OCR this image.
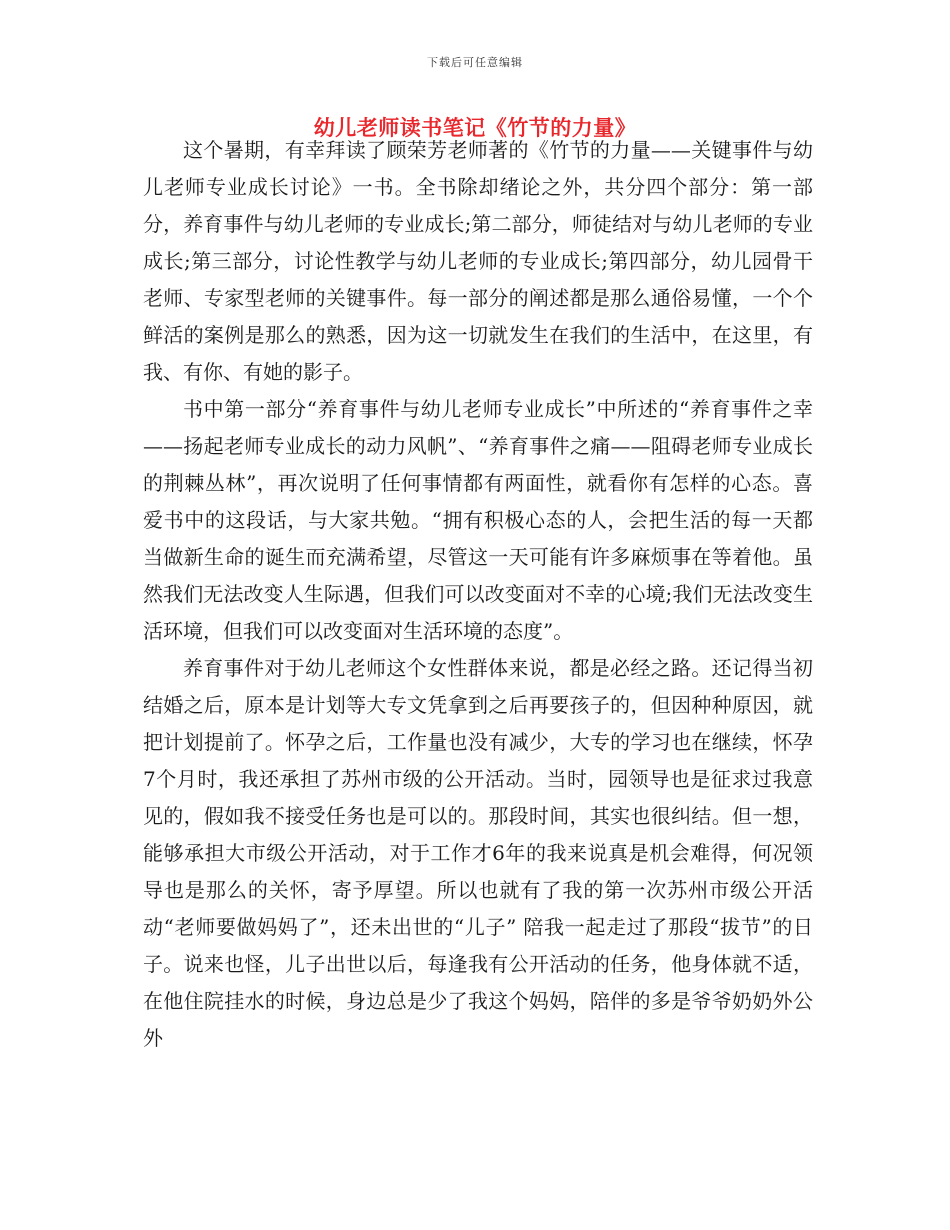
下载后可任意编辑
幼儿老师读书笔记《竹节的力量》

这个暑期，有幸拜读了顾荣芳老师著的《竹节的力量——关键事件与幼儿老师专业成长讨论》一书。全书除却绪论之外，共分四个部分：第一部分，养育事件与幼儿老师的专业成长;第二部分，师徒结对与幼儿老师的专业成长;第三部分，讨论性教学与幼儿老师的专业成长;第四部分，幼儿园骨干老师、专家型老师的关键事件。每一部分的阐述都是那么通俗易懂，一个个鲜活的案例是那么的熟悉，因为这一切就发生在我们的生活中，在这里，有我、有你、有她的影子。

书中第一部分“养育事件与幼儿老师专业成长”中所述的“养育事件之幸——扬起老师专业成长的动力风帆”、“养育事件之痛——阻碍老师专业成长的荆棘丛林”，再次说明了任何事情都有两面性，就看你有怎样的心态。喜爱书中的这段话，与大家共勉。“拥有积极心态的人，会把生活的每一天都当做新生命的诞生而充满希望，尽管这一天可能有许多麻烦事在等着他。虽然我们无法改变人生际遇，但我们可以改变面对不幸的心境;我们无法改变生活环境，但我们可以改变面对生活环境的态度”。

养育事件对于幼儿老师这个女性群体来说，都是必经之路。还记得当初结婚之后，原本是计划等大专文凭拿到之后再要孩子的，但因种种原因，就把计划提前了。怀孕之后，工作量也没有减少，大专的学习也在继续，怀孕7个月时，我还承担了苏州市级的公开活动。当时，园领导也是征求过我意见的，假如我不接受任务也是可以的。那段时间，其实也很纠结。但一想，能够承担大市级公开活动，对于工作才6年的我来说真是机会难得，何况领导也是那么的关怀，寄予厚望。所以也就有了我的第一次苏州市级公开活动“老师要做妈妈了”，还未出世的“儿子” 陪我一起走过了那段“拔节”的日子。说来也怪，儿子出世以后，每逢我有公开活动的任务，他身体就不适，在他住院挂水的时候，身边总是少了我这个妈妈，陪伴的多是爷爷奶奶外公外
